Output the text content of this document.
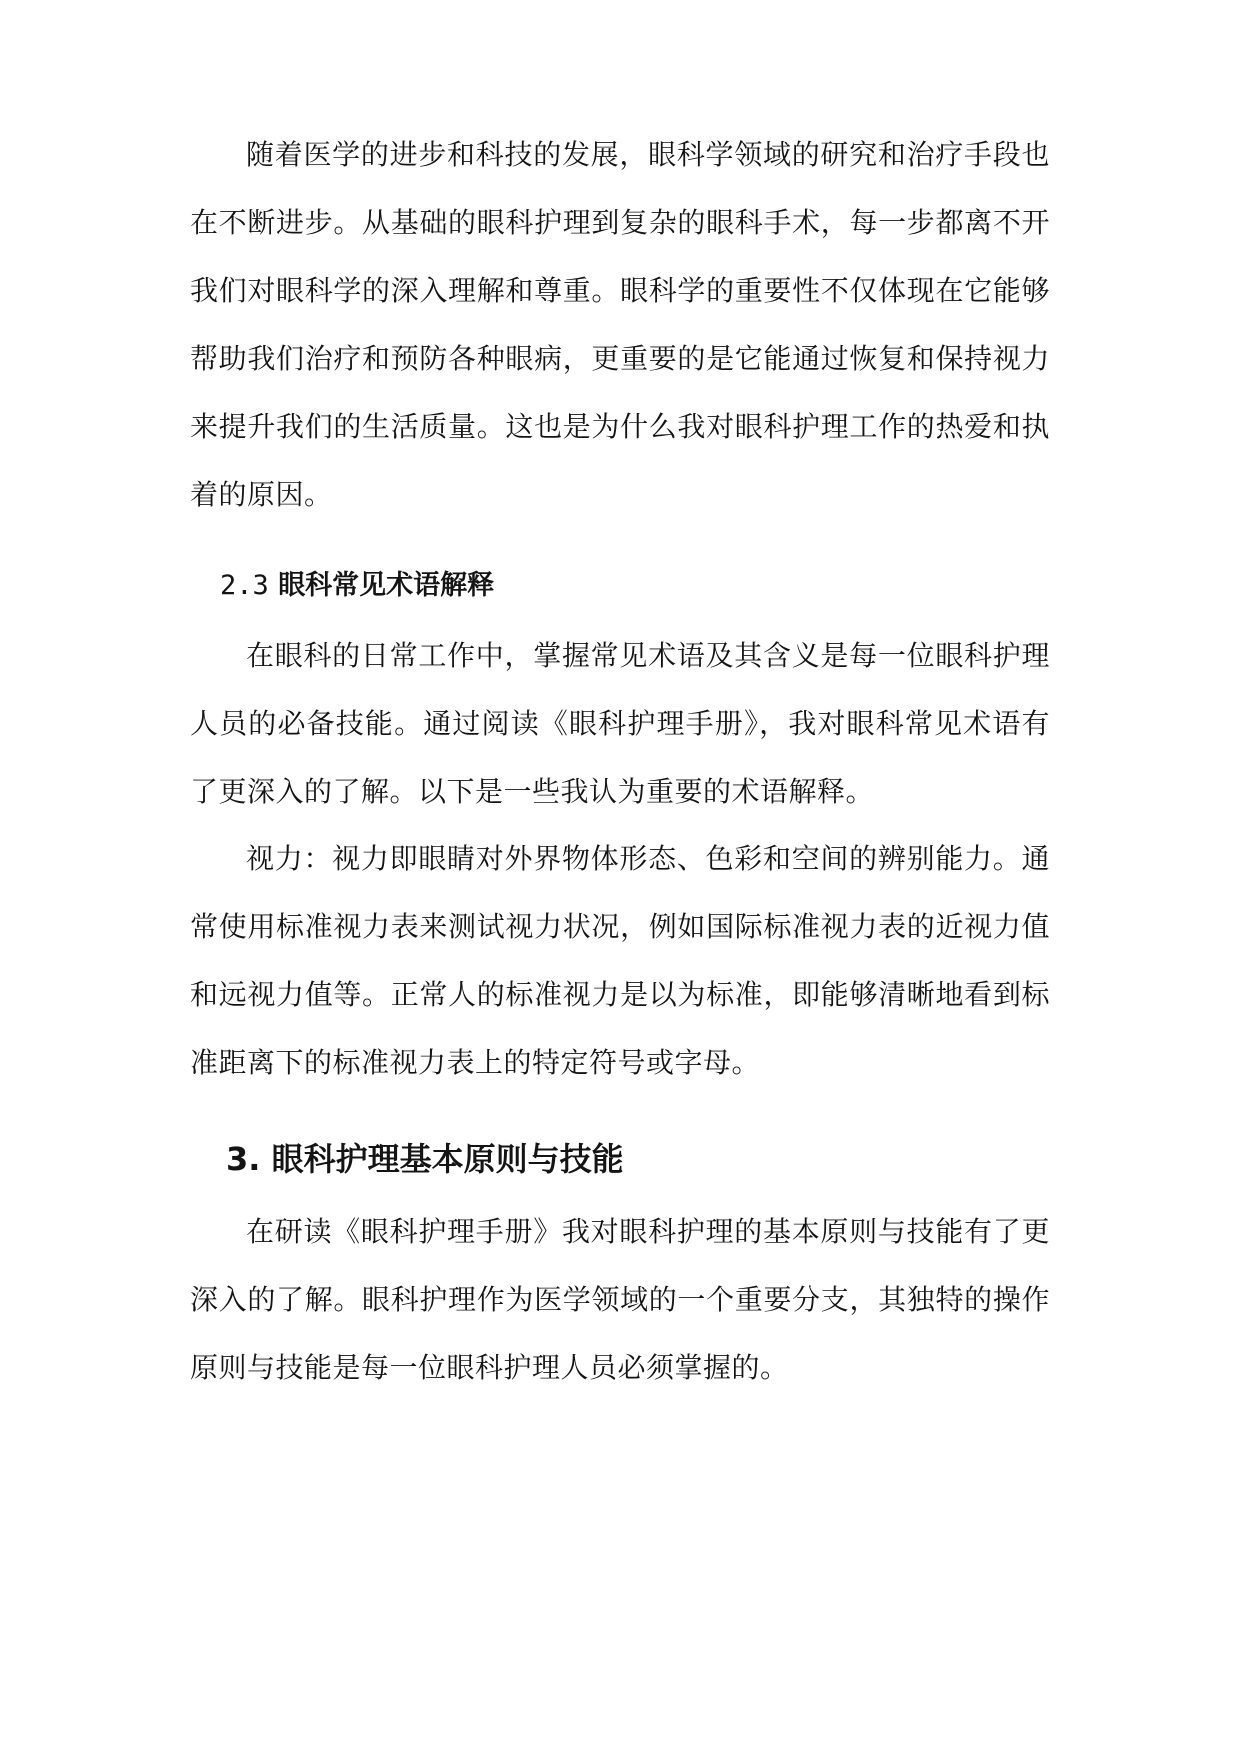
随着医学的进步和科技的发展，眼科学领域的研究和治疗手段也在不断进步。从基础的眼科护理到复杂的眼科手术，每一步都离不开我们对眼科学的深入理解和尊重。眼科学的重要性不仅体现在它能够帮助我们治疗和预防各种眼病，更重要的是它能通过恢复和保持视力来提升我们的生活质量。这也是为什么我对眼科护理工作的热爱和执着的原因。

2.3 眼科常见术语解释

在眼科的日常工作中，掌握常见术语及其含义是每一位眼科护理人员的必备技能。通过阅读《眼科护理手册》，我对眼科常见术语有了更深入的了解。以下是一些我认为重要的术语解释。

视力：视力即眼睛对外界物体形态、色彩和空间的辨别能力。通常使用标准视力表来测试视力状况，例如国际标准视力表的近视力值和远视力值等。正常人的标准视力是以为标准，即能够清晰地看到标准距离下的标准视力表上的特定符号或字母。

3. 眼科护理基本原则与技能

在研读《眼科护理手册》我对眼科护理的基本原则与技能有了更深入的了解。眼科护理作为医学领域的一个重要分支，其独特的操作原则与技能是每一位眼科护理人员必须掌握的。
